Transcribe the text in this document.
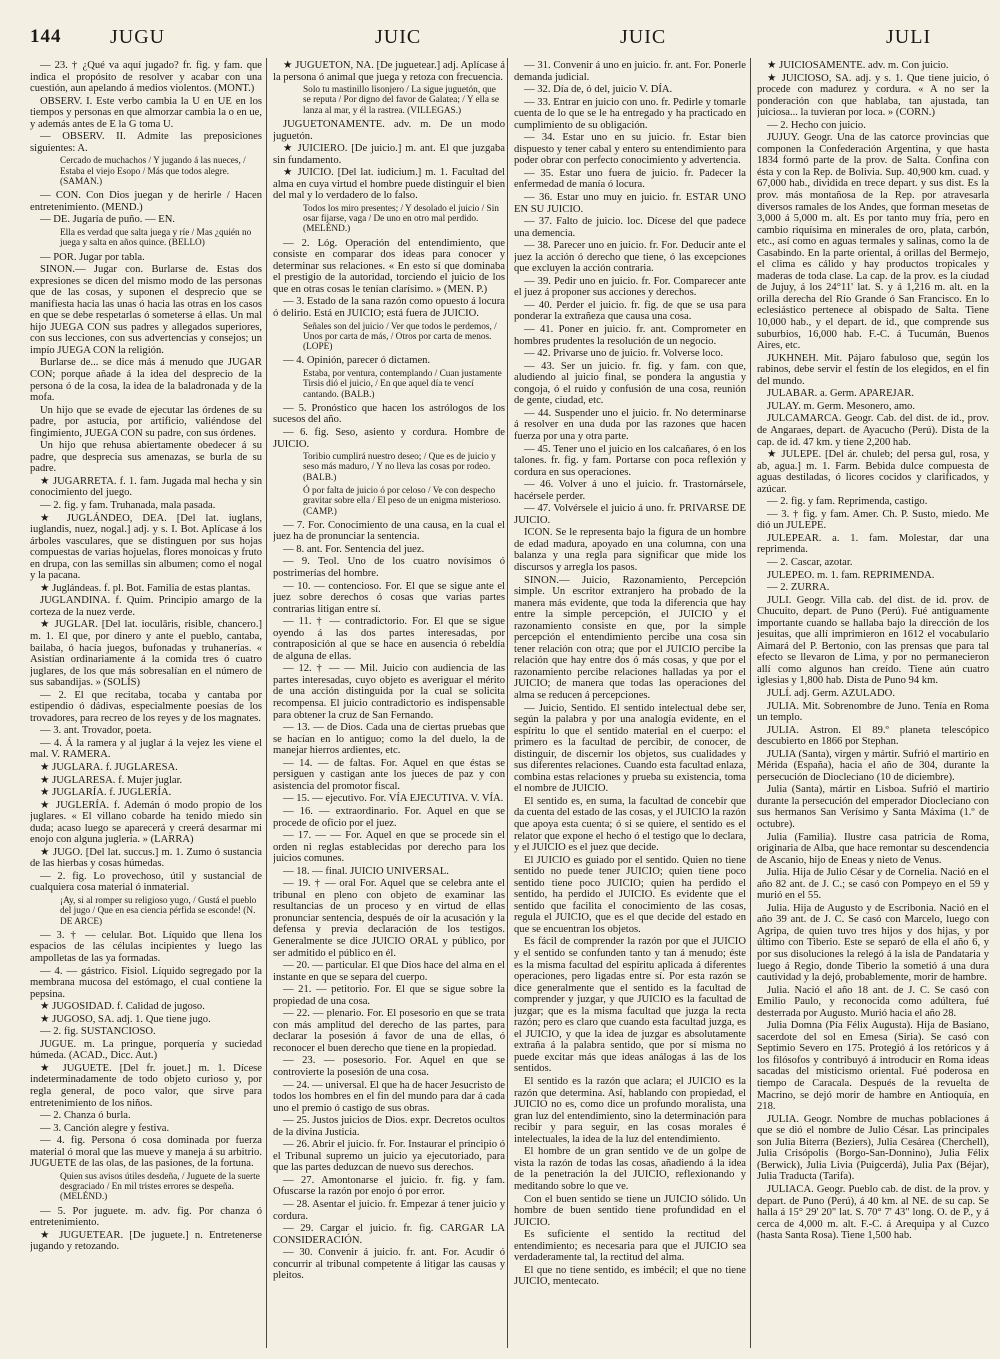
144 JUGU	JUIC	JUIC	JULI

— 23. † ¿Qué va aquí jugado? fr. fig. y fam. que indica el propósito de resolver y acabar con una cuestión, aun apelando á medios violentos. (MONT.)

OBSERV. I. Este verbo cambia la U en UE en los tiempos y personas en que almorzar cambia la o en ue, y además antes de E la G toma U.

— OBSERV. II. Admite las preposiciones siguientes: A.

Cercado de muchachos / Y jugando á las nueces, / Estaba el viejo Esopo / Más que todos alegre. (SAMAN.)

— CON. Con Dios juegan y de herirle / Hacen entretenimiento. (MEND.)

— DE. Jugaría de puño. — EN.

Ella es verdad que salta juega y ríe / Mas ¿quién no juega y salta en años quince. (BELLO)

— POR. Jugar por tabla.

SINON.— Jugar con. Burlarse de. Estas dos expresiones se dicen del mismo modo de las personas que de las cosas, y suponen el desprecio que se manifiesta hacia las unas ó hacia las otras en los casos en que se debe respetarlas ó someterse á ellas. Un mal hijo JUEGA CON sus padres y allegados superiores, con sus lecciones, con sus advertencias y consejos; un impío JUEGA CON la religión.

Burlarse de... se dice más á menudo que JUGAR CON; porque añade á la idea del desprecio de la persona ó de la cosa, la idea de la baladronada y de la mofa.

Un hijo que se evade de ejecutar las órdenes de su padre, por astucia, por artificio, valiéndose del fingimiento, JUEGA CON su padre, con sus órdenes.

Un hijo que rehusa abiertamente obedecer á su padre, que desprecia sus amenazas, se burla de su padre.

★ JUGARRETA. f. 1. fam. Jugada mal hecha y sin conocimiento del juego.

— 2. fig. y fam. Truhanada, mala pasada.

★ JUGLÁNDEO, DEA. [Del lat. iuglans, iuglandis, nuez, nogal.] adj. y s. I. Bot. Aplícase á los árboles vasculares, que se distinguen por sus hojas compuestas de varias hojuelas, flores monoicas y fruto en drupa, con las semillas sin albumen; como el nogal y la pacana.

★ Juglándeas. f. pl. Bot. Familia de estas plantas.

JUGLANDINA. f. Quím. Principio amargo de la corteza de la nuez verde.

★ JUGLAR. [Del lat. ioculāris, risible, chancero.] m. 1. El que, por dinero y ante el pueblo, cantaba, bailaba, ó hacía juegos, bufonadas y truhanerías. « Asistían ordinariamente á la comida tres ó cuatro juglares, de los que más sobresalían en el número de sus sabandijas. » (SOLÍS)

— 2. El que recitaba, tocaba y cantaba por estipendio ó dádivas, especialmente poesías de los trovadores, para recreo de los reyes y de los magnates.

— 3. ant. Trovador, poeta.

— 4. Á la ramera y al juglar á la vejez les viene el mal. V. RAMERA.

★ JUGLARA. f. JUGLARESA.

★ JUGLARESA. f. Mujer juglar.

★ JUGLARÍA. f. JUGLERÍA.

★ JUGLERÍA. f. Ademán ó modo propio de los juglares. « El villano cobarde ha tenido miedo sin duda; acaso luego se aparecerá y creerá desarmar mi enojo con alguna juglería. » (LARRA)

★ JUGO. [Del lat. succus.] m. 1. Zumo ó sustancia de las hierbas y cosas húmedas.

— 2. fig. Lo provechoso, útil y sustancial de cualquiera cosa material ó inmaterial.

¡Ay, si al romper su religioso yugo, / Gustá el pueblo del jugo / Que en esa ciencia pérfida se esconde! (N. DE ARCE)

— 3. † — celular. Bot. Líquido que llena los espacios de las células incipientes y luego las ampolletas de las ya formadas.

— 4. — gástrico. Fisiol. Líquido segregado por la membrana mucosa del estómago, el cual contiene la pepsina.

★ JUGOSIDAD. f. Calidad de jugoso.

★ JUGOSO, SA. adj. 1. Que tiene jugo.

— 2. fig. SUSTANCIOSO.

JUGUE. m. La pringue, porquería y suciedad húmeda. (ACAD., Dicc. Aut.)

★ JUGUETE. [Del fr. jouet.] m. 1. Dícese indeterminadamente de todo objeto curioso y, por regla general, de poco valor, que sirve para entretenimiento de los niños.

— 2. Chanza ó burla.

— 3. Canción alegre y festiva.

— 4. fig. Persona ó cosa dominada por fuerza material ó moral que las mueve y maneja á su arbitrio. JUGUETE de las olas, de las pasiones, de la fortuna.

Quien sus avisos útiles desdeña, / Juguete de la suerte desgraciado / En mil tristes errores se despeña. (MELÉND.)

— 5. Por juguete. m. adv. fig. Por chanza ó entretenimiento.

★ JUGUETEAR. [De juguete.] n. Entretenerse jugando y retozando.

★ JUGUETÓN, NA. [De juguetear.] adj. Aplícase á la persona ó animal que juega y retoza con frecuencia.

Solo tu mastinillo lisonjero / La sigue juguetón, que se reputa / Por digno del favor de Galatea; / Y ella se lanza al mar, y él la rastrea. (VILLEGAS.)

JUGUETONAMENTE. adv. m. De un modo juguetón.

★ JUICIERO. [De juicio.] m. ant. El que juzgaba sin fundamento.

★ JUICIO. [Del lat. iudicium.] m. 1. Facultad del alma en cuya virtud el hombre puede distinguir el bien del mal y lo verdadero de lo falso.

Todos los miro presentes; / Y desolado el juicio / Sin osar fijarse, vaga / De uno en otro mal perdido. (MELÉND.)

— 2. Lóg. Operación del entendimiento, que consiste en comparar dos ideas para conocer y determinar sus relaciones. « En esto sí que dominaba el prestigio de la autoridad, torciendo el juicio de los que en otras cosas le tenían clarísimo. » (MEN. P.)

— 3. Estado de la sana razón como opuesto á locura ó delirio. Está en JUICIO; está fuera de JUICIO.

Señales son del juicio / Ver que todos le perdemos, / Unos por carta de más, / Otros por carta de menos. (LOPE)

— 4. Opinión, parecer ó dictamen.

Estaba, por ventura, contemplando / Cuan justamente Tirsis dió el juicio, / En que aquel día te vencí cantando. (BALB.)

— 5. Pronóstico que hacen los astrólogos de los sucesos del año.

— 6. fig. Seso, asiento y cordura. Hombre de JUICIO.

Toribio cumplirá nuestro deseo; / Que es de juicio y seso más maduro, / Y no lleva las cosas por rodeo. (BALB.)

Ó por falta de juicio ó por celoso / Ve con despecho gravitar sobre ella / El peso de un enigma misterioso. (CAMP.)

— 7. For. Conocimiento de una causa, en la cual el juez ha de pronunciar la sentencia.

— 8. ant. For. Sentencia del juez.

— 9. Teol. Uno de los cuatro novísimos ó postrimerías del hombre.

— 10. — contencioso. For. El que se sigue ante el juez sobre derechos ó cosas que varias partes contrarias litigan entre sí.

— 11. † — contradictorio. For. El que se sigue oyendo á las dos partes interesadas, por contraposición al que se hace en ausencia ó rebeldía de alguna de ellas.

— 12. † — — Mil. Juicio con audiencia de las partes interesadas, cuyo objeto es averiguar el mérito de una acción distinguida por la cual se solicita recompensa. El juicio contradictorio es indispensable para obtener la cruz de San Fernando.

— 13. — de Dios. Cada una de ciertas pruebas que se hacían en lo antiguo; como la del duelo, la de manejar hierros ardientes, etc.

— 14. — de faltas. For. Aquel en que éstas se persiguen y castigan ante los jueces de paz y con asistencia del promotor fiscal.

— 15. — ejecutivo. For. VÍA EJECUTIVA. V. VÍA.

— 16. — extraordinario. For. Aquel en que se procede de oficio por el juez.

— 17. — — For. Aquel en que se procede sin el orden ni reglas establecidas por derecho para los juicios comunes.

— 18. — final. JUICIO UNIVERSAL.

— 19. † — oral For. Aquel que se celebra ante el tribunal en pleno con objeto de examinar las resultancias de un proceso y en virtud de ellas pronunciar sentencia, después de oír la acusación y la defensa y previa declaración de los testigos. Generalmente se dice JUICIO ORAL y público, por ser admitido el público en él.

— 20. — particular. El que Dios hace del alma en el instante en que se separa del cuerpo.

— 21. — petitorio. For. El que se sigue sobre la propiedad de una cosa.

— 22. — plenario. For. El posesorio en que se trata con más amplitud del derecho de las partes, para declarar la posesión á favor de una de ellas, ó reconocer el buen derecho que tiene en la propiedad.

— 23. — posesorio. For. Aquel en que se controvierte la posesión de una cosa.

— 24. — universal. El que ha de hacer Jesucristo de todos los hombres en el fin del mundo para dar á cada uno el premio ó castigo de sus obras.

— 25. Justos juicios de Dios. expr. Decretos ocultos de la divina Justicia.

— 26. Abrir el juicio. fr. For. Instaurar el principio ó el Tribunal supremo un juicio ya ejecutoriado, para que las partes deduzcan de nuevo sus derechos.

— 27. Amontonarse el juicio. fr. fig. y fam. Ofuscarse la razón por enojo ó por error.

— 28. Asentar el juicio. fr. Empezar á tener juicio y cordura.

— 29. Cargar el juicio. fr. fig. CARGAR LA CONSIDERACIÓN.

— 30. Convenir á juicio. fr. ant. For. Acudir ó concurrir al tribunal competente á litigar las causas y pleitos.

— 31. Convenir á uno en juicio. fr. ant. For. Ponerle demanda judicial.

— 32. Día de, ó del, juicio V. DÍA.

— 33. Entrar en juicio con uno. fr. Pedirle y tomarle cuenta de lo que se le ha entregado y ha practicado en cumplimiento de su obligación.

— 34. Estar uno en su juicio. fr. Estar bien dispuesto y tener cabal y entero su entendimiento para poder obrar con perfecto conocimiento y advertencia.

— 35. Estar uno fuera de juicio. fr. Padecer la enfermedad de manía ó locura.

— 36. Estar uno muy en juicio. fr. ESTAR UNO EN SU JUICIO.

— 37. Falto de juicio. loc. Dícese del que padece una demencia.

— 38. Parecer uno en juicio. fr. For. Deducir ante el juez la acción ó derecho que tiene, ó las excepciones que excluyen la acción contraria.

— 39. Pedir uno en juicio. fr. For. Comparecer ante el juez á proponer sus acciones y derechos.

— 40. Perder el juicio. fr. fig. de que se usa para ponderar la extrañeza que causa una cosa.

— 41. Poner en juicio. fr. ant. Comprometer en hombres prudentes la resolución de un negocio.

— 42. Privarse uno de juicio. fr. Volverse loco.

— 43. Ser un juicio. fr. fig. y fam. con que, aludiendo al juicio final, se pondera la angustia y congoja, ó el ruido y confusión de una cosa, reunión de gente, ciudad, etc.

— 44. Suspender uno el juicio. fr. No determinarse á resolver en una duda por las razones que hacen fuerza por una y otra parte.

— 45. Tener uno el juicio en los calcañares, ó en los talones. fr. fig. y fam. Portarse con poca reflexión y cordura en sus operaciones.

— 46. Volver á uno el juicio. fr. Trastornársele, hacérsele perder.

— 47. Volvérsele el juicio á uno. fr. PRIVARSE DE JUICIO.

ICON. Se le representa bajo la figura de un hombre de edad madura, apoyado en una columna, con una balanza y una regla para significar que mide los discursos y arregla los pasos.

SINON.— Juicio, Razonamiento, Percepción simple. Un escritor extranjero ha probado de la manera más evidente, que toda la diferencia que hay entre la simple percepción, el JUICIO y el razonamiento consiste en que, por la simple percepción el entendimiento percibe una cosa sin tener relación con otra; que por el JUICIO percibe la relación que hay entre dos ó más cosas, y que por el razonamiento percibe relaciones halladas ya por el JUICIO; de manera que todas las operaciones del alma se reducen á percepciones.

— Juicio, Sentido. El sentido intelectual debe ser, según la palabra y por una analogía evidente, en el espíritu lo que el sentido material en el cuerpo: el primero es la facultad de percibir, de conocer, de distinguir, de discernir los objetos, sus cualidades y sus diferentes relaciones. Cuando esta facultad enlaza, combina estas relaciones y prueba su existencia, toma el nombre de JUICIO.

El sentido es, en suma, la facultad de concebir que da cuenta del estado de las cosas, y el JUICIO la razón que apoya esta cuenta; ó si se quiere, el sentido es el relator que expone el hecho ó el testigo que lo declara, y el JUICIO es el juez que decide.

El JUICIO es guiado por el sentido. Quien no tiene sentido no puede tener JUICIO; quien tiene poco sentido tiene poco JUICIO; quien ha perdido el sentido, ha perdido el JUICIO. Es evidente que el sentido que facilita el conocimiento de las cosas, regula el JUICIO, que es el que decide del estado en que se encuentran los objetos.

Es fácil de comprender la razón por que el JUICIO y el sentido se confunden tanto y tan á menudo; éste es la misma facultad del espíritu aplicada á diferentes operaciones, pero ligadas entre sí. Por esta razón se dice generalmente que el sentido es la facultad de comprender y juzgar, y que JUICIO es la facultad de juzgar; que es la misma facultad que juzga la recta razón; pero es claro que cuando esta facultad juzga, es el JUICIO, y que la idea de juzgar es absolutamente extraña á la palabra sentido, que por sí misma no puede excitar más que ideas análogas á las de los sentidos.

El sentido es la razón que aclara; el JUICIO es la razón que determina. Así, hablando con propiedad, el JUICIO no es, como dice un profundo moralista, una gran luz del entendimiento, sino la determinación para recibir y para seguir, en las cosas morales é intelectuales, la idea de la luz del entendimiento.

El hombre de un gran sentido ve de un golpe de vista la razón de todas las cosas, añadiendo á la idea de la penetración la del JUICIO, reflexionando y meditando sobre lo que ve.

Con el buen sentido se tiene un JUICIO sólido. Un hombre de buen sentido tiene profundidad en el JUICIO.

Es suficiente el sentido la rectitud del entendimiento; es necesaria para que el JUICIO sea verdaderamente tal, la rectitud del alma.

El que no tiene sentido, es imbécil; el que no tiene JUICIO, mentecato.

★ JUICIOSAMENTE. adv. m. Con juicio.

★ JUICIOSO, SA. adj. y s. 1. Que tiene juicio, ó procede con madurez y cordura. « A no ser la ponderación con que hablaba, tan ajustada, tan juiciosa... la tuvieran por loca. » (CORN.)

— 2. Hecho con juicio.

JUJUY. Geogr. Una de las catorce provincias que componen la Confederación Argentina, y que hasta 1834 formó parte de la prov. de Salta. Confina con ésta y con la Rep. de Bolivia. Sup. 40,900 km. cuad. y 67,000 hab., dividida en trece depart. y sus dist. Es la prov. más montañosa de la Rep. por atravesarla diversos ramales de los Andes, que forman mesetas de 3,000 á 5,000 m. alt. Es por tanto muy fría, pero en cambio riquísima en minerales de oro, plata, carbón, etc., así como en aguas termales y salinas, como la de Casabindo. En la parte oriental, á orillas del Bermejo, el clima es cálido y hay productos tropicales y maderas de toda clase. La cap. de la prov. es la ciudad de Jujuy, á los 24°11' lat. S. y á 1,216 m. alt. en la orilla derecha del Río Grande ó San Francisco. En lo eclesiástico pertenece al obispado de Salta. Tiene 10,000 hab., y el depart. de id., que comprende sus suburbios, 16,000 hab. F.-C. á Tucumán, Buenos Aires, etc.

JUKHNEH. Mit. Pájaro fabuloso que, según los rabinos, debe servir el festín de los elegidos, en el fin del mundo.

JULABAR. a. Germ. APAREJAR.

JULAY. m. Germ. Mesonero, amo.

JULCAMARCA. Geogr. Cab. del dist. de id., prov. de Angaraes, depart. de Ayacucho (Perú). Dista de la cap. de id. 47 km. y tiene 2,200 hab.

★ JULEPE. [Del ár. chuleb; del persa gul, rosa, y ab, agua.] m. 1. Farm. Bebida dulce compuesta de aguas destiladas, ó licores cocidos y clarificados, y azúcar.

— 2. fig. y fam. Reprimenda, castigo.

— 3. † fig. y fam. Amer. Ch. P. Susto, miedo. Me dió un JULEPE.

JULEPEAR. a. 1. fam. Molestar, dar una reprimenda.

— 2. Cascar, azotar.

JULEPEO. m. 1. fam. REPRIMENDA.

— 2. ZURRA.

JULI. Geogr. Villa cab. del dist. de id. prov. de Chucuito, depart. de Puno (Perú). Fué antiguamente importante cuando se hallaba bajo la dirección de los jesuitas, que allí imprimieron en 1612 el vocabulario Aimará del P. Bertonio, con las prensas que para tal efecto se llevaron de Lima, y por no permanecieron allí como algunos han creído. Tiene aún cuatro iglesias y 1,800 hab. Dista de Puno 94 km.

JULÍ. adj. Germ. AZULADO.

JULIA. Mit. Sobrenombre de Juno. Tenía en Roma un templo.

JULIA. Astron. El 89.º planeta telescópico descubierto en 1866 por Stephan.

JULIA (Santa), virgen y mártir. Sufrió el martirio en Mérida (España), hacia el año de 304, durante la persecución de Diocleciano (10 de diciembre).

Julia (Santa), mártir en Lisboa. Sufrió el martirio durante la persecución del emperador Diocleciano con sus hermanos San Verísimo y Santa Máxima (1.º de octubre).

Julia (Familia). Ilustre casa patricia de Roma, originaria de Alba, que hace remontar su descendencia de Ascanio, hijo de Eneas y nieto de Venus.

Julia. Hija de Julio César y de Cornelia. Nació en el año 82 ant. de J. C.; se casó con Pompeyo en el 59 y murió en el 55.

Julia. Hija de Augusto y de Escribonia. Nació en el año 39 ant. de J. C. Se casó con Marcelo, luego con Agripa, de quien tuvo tres hijos y dos hijas, y por último con Tiberio. Este se separó de ella el año 6, y por sus disoluciones la relegó á la isla de Pandataria y luego á Regio, donde Tiberio la sometió á una dura cautividad y la dejó, probablemente, morir de hambre.

Julia. Nació el año 18 ant. de J. C. Se casó con Emilio Paulo, y reconocida como adúltera, fué desterrada por Augusto. Murió hacia el año 28.

Julia Domna (Pía Félix Augusta). Hija de Basiano, sacerdote del sol en Emesa (Siria). Se casó con Septimio Severo en 175. Protegió á los retóricos y á los filósofos y contribuyó á introducir en Roma ideas sacadas del misticismo oriental. Fué poderosa en tiempo de Caracala. Después de la revuelta de Macrino, se dejó morir de hambre en Antioquía, en 218.

JULIA. Geogr. Nombre de muchas poblaciones á que se dió el nombre de Julio César. Las principales son Julia Biterra (Beziers), Julia Cesárea (Cherchell), Julia Crisópolis (Borgo-San-Donnino), Julia Félix (Berwick), Julia Livia (Puigcerdá), Julia Pax (Béjar), Julia Traducta (Tarifa).

JULIACA. Geogr. Pueblo cab. de dist. de la prov. y depart. de Puno (Perú), á 40 km. al NE. de su cap. Se halla á 15° 29' 20" lat. S. 70° 7' 43" long. O. de P., y á cerca de 4,000 m. alt. F.-C. á Arequipa y al Cuzco (hasta Santa Rosa). Tiene 1,500 hab.
